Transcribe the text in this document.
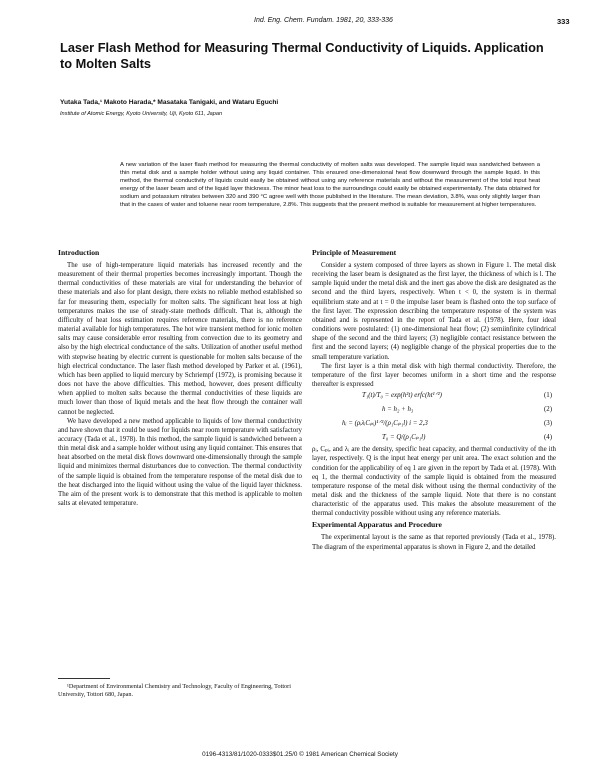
Ind. Eng. Chem. Fundam. 1981, 20, 333-336	333
Laser Flash Method for Measuring Thermal Conductivity of Liquids. Application to Molten Salts
Yutaka Tada,¹ Makoto Harada,* Masataka Tanigaki, and Wataru Eguchi
Institute of Atomic Energy, Kyoto University, Uji, Kyoto 611, Japan

A new variation of the laser flash method for measuring the thermal conductivity of molten salts was developed. The sample liquid was sandwiched between a thin metal disk and a sample holder without using any liquid container. This ensured one-dimensional heat flow downward through the sample liquid. In this method, the thermal conductivity of liquids could easily be obtained without using any reference materials and without the measurement of the total input heat energy of the laser beam and of the liquid layer thickness. The minor heat loss to the surroundings could easily be obtained experimentally. The data obtained for sodium and potassium nitrates between 320 and 390 °C agree well with those published in the literature. The mean deviation, 3.8%, was only slightly larger than that in the cases of water and toluene near room temperature, 2.8%. This suggests that the present method is suitable for measurement at higher temperatures.

Introduction

The use of high-temperature liquid materials has increased recently and the measurement of their thermal properties becomes increasingly important. Though the thermal conductivities of these materials are vital for understanding the behavior of these materials and also for plant design, there exists no reliable method established so far for measuring them, especially for molten salts. The significant heat loss at high temperatures makes the use of steady-state methods difficult. That is, although the difficulty of heat loss estimation requires reference materials, there is no reference material available for high temperatures. The hot wire transient method for ionic molten salts may cause considerable error resulting from convection due to its geometry and also by the high electrical conductance of the salts. Utilization of another useful method with stepwise heating by electric current is questionable for molten salts because of the high electrical conductance. The laser flash method developed by Parker et al. (1961), which has been applied to liquid mercury by Schriempf (1972), is promising because it does not have the above difficulties. This method, however, does present difficulty when applied to molten salts because the thermal conductivities of these liquids are much lower than those of liquid metals and the heat flow through the container wall cannot be neglected.

We have developed a new method applicable to liquids of low thermal conductivity and have shown that it could be used for liquids near room temperature with satisfactory accuracy (Tada et al., 1978). In this method, the sample liquid is sandwiched between a thin metal disk and a sample holder without using any liquid container. This ensures that heat absorbed on the metal disk flows downward one-dimensionally through the sample liquid and minimizes thermal disturbances due to convection. The thermal conductivity of the sample liquid is obtained from the temperature response of the metal disk due to the heat discharged into the liquid without using the value of the liquid layer thickness. The aim of the present work is to demonstrate that this method is applicable to molten salts at elevated temperature.

¹Department of Environmental Chemistry and Technology, Faculty of Engineering, Tottori University, Tottori 680, Japan.

Principle of Measurement

Consider a system composed of three layers as shown in Figure 1. The metal disk receiving the laser beam is designated as the first layer, the thickness of which is l. The sample liquid under the metal disk and the inert gas above the disk are designated as the second and the third layers, respectively. When t < 0, the system is in thermal equilibrium state and at t = 0 the impulse laser beam is flashed onto the top surface of the first layer. The expression describing the temperature response of the system was obtained and is represented in the report of Tada et al. (1978). Here, four ideal conditions were postulated: (1) one-dimensional heat flow; (2) semiinfinite cylindrical shape of the second and the third layers; (3) negligible contact resistance between the first and the second layers; (4) negligible change of the physical properties due to the small temperature variation.

The first layer is a thin metal disk with high thermal conductivity. Therefore, the temperature of the first layer becomes uniform in a short time and the response thereafter is expressed

T₁(t)/T₀ = exp(h²t) erfc(ht¹ᐟ²)	(1)
h = h₂ + h₃	(2)
hᵢ = (ρᵢλᵢCₚᵢ)¹ᐟ²/(ρ₁Cₚ₁l) i = 2,3	(3)
T₀ = Q/(ρ₁Cₚ₁l)	(4)

ρᵢ, Cₚᵢ, and λᵢ are the density, specific heat capacity, and thermal conductivity of the ith layer, respectively. Q is the input heat energy per unit area. The exact solution and the condition for the applicability of eq 1 are given in the report by Tada et al. (1978). With eq 1, the thermal conductivity of the sample liquid is obtained from the measured temperature response of the metal disk without using the thermal conductivity of the metal disk and the thickness of the sample liquid. Note that there is no constant characteristic of the apparatus used. This makes the absolute measurement of the thermal conductivity possible without using any reference materials.

Experimental Apparatus and Procedure

The experimental layout is the same as that reported previously (Tada et al., 1978). The diagram of the experimental apparatus is shown in Figure 2, and the detailed

0196-4313/81/1020-0333$01.25/0 © 1981 American Chemical Society
